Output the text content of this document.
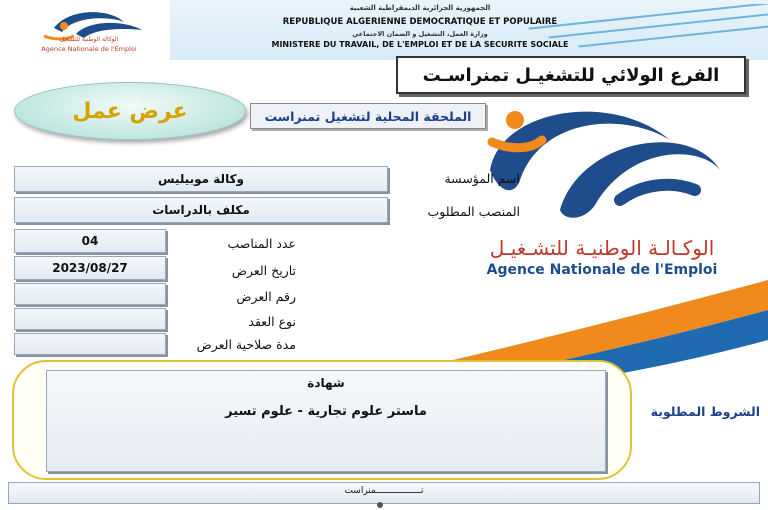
الجمهورية الجزائرية الديمقراطية الشعبية
REPUBLIQUE ALGERIENNE DEMOCRATIQUE ET POPULAIRE
وزارة العمل، التشغيل و الضمان الاجتماعي
MINISTERE DU TRAVAIL, DE L'EMPLOI ET DE LA SECURITE SOCIALE
الوكالة الوطنية للتشغيل
Agence Nationale de l'Emploi
الفرع الولائي للتشغيـل تمنراسـت
عرض عمل	الملحقة المحلية لتشغيل تمنراست
الوكـالـة الوطنيـة للتشـغيـل
Agence Nationale de l'Emploi
وكالة موبيليس	اسم المؤسسة
مكلف بالدراسات	المنصب المطلوب
04	عدد المناصب
2023/08/27	تاريخ العرض
رقم العرض
نوع العقد
مدة صلاحية العرض
شهادة
ماستر علوم تجارية - علوم تسير	الشروط المطلوبة
تـــــــــــــــــمنراست
